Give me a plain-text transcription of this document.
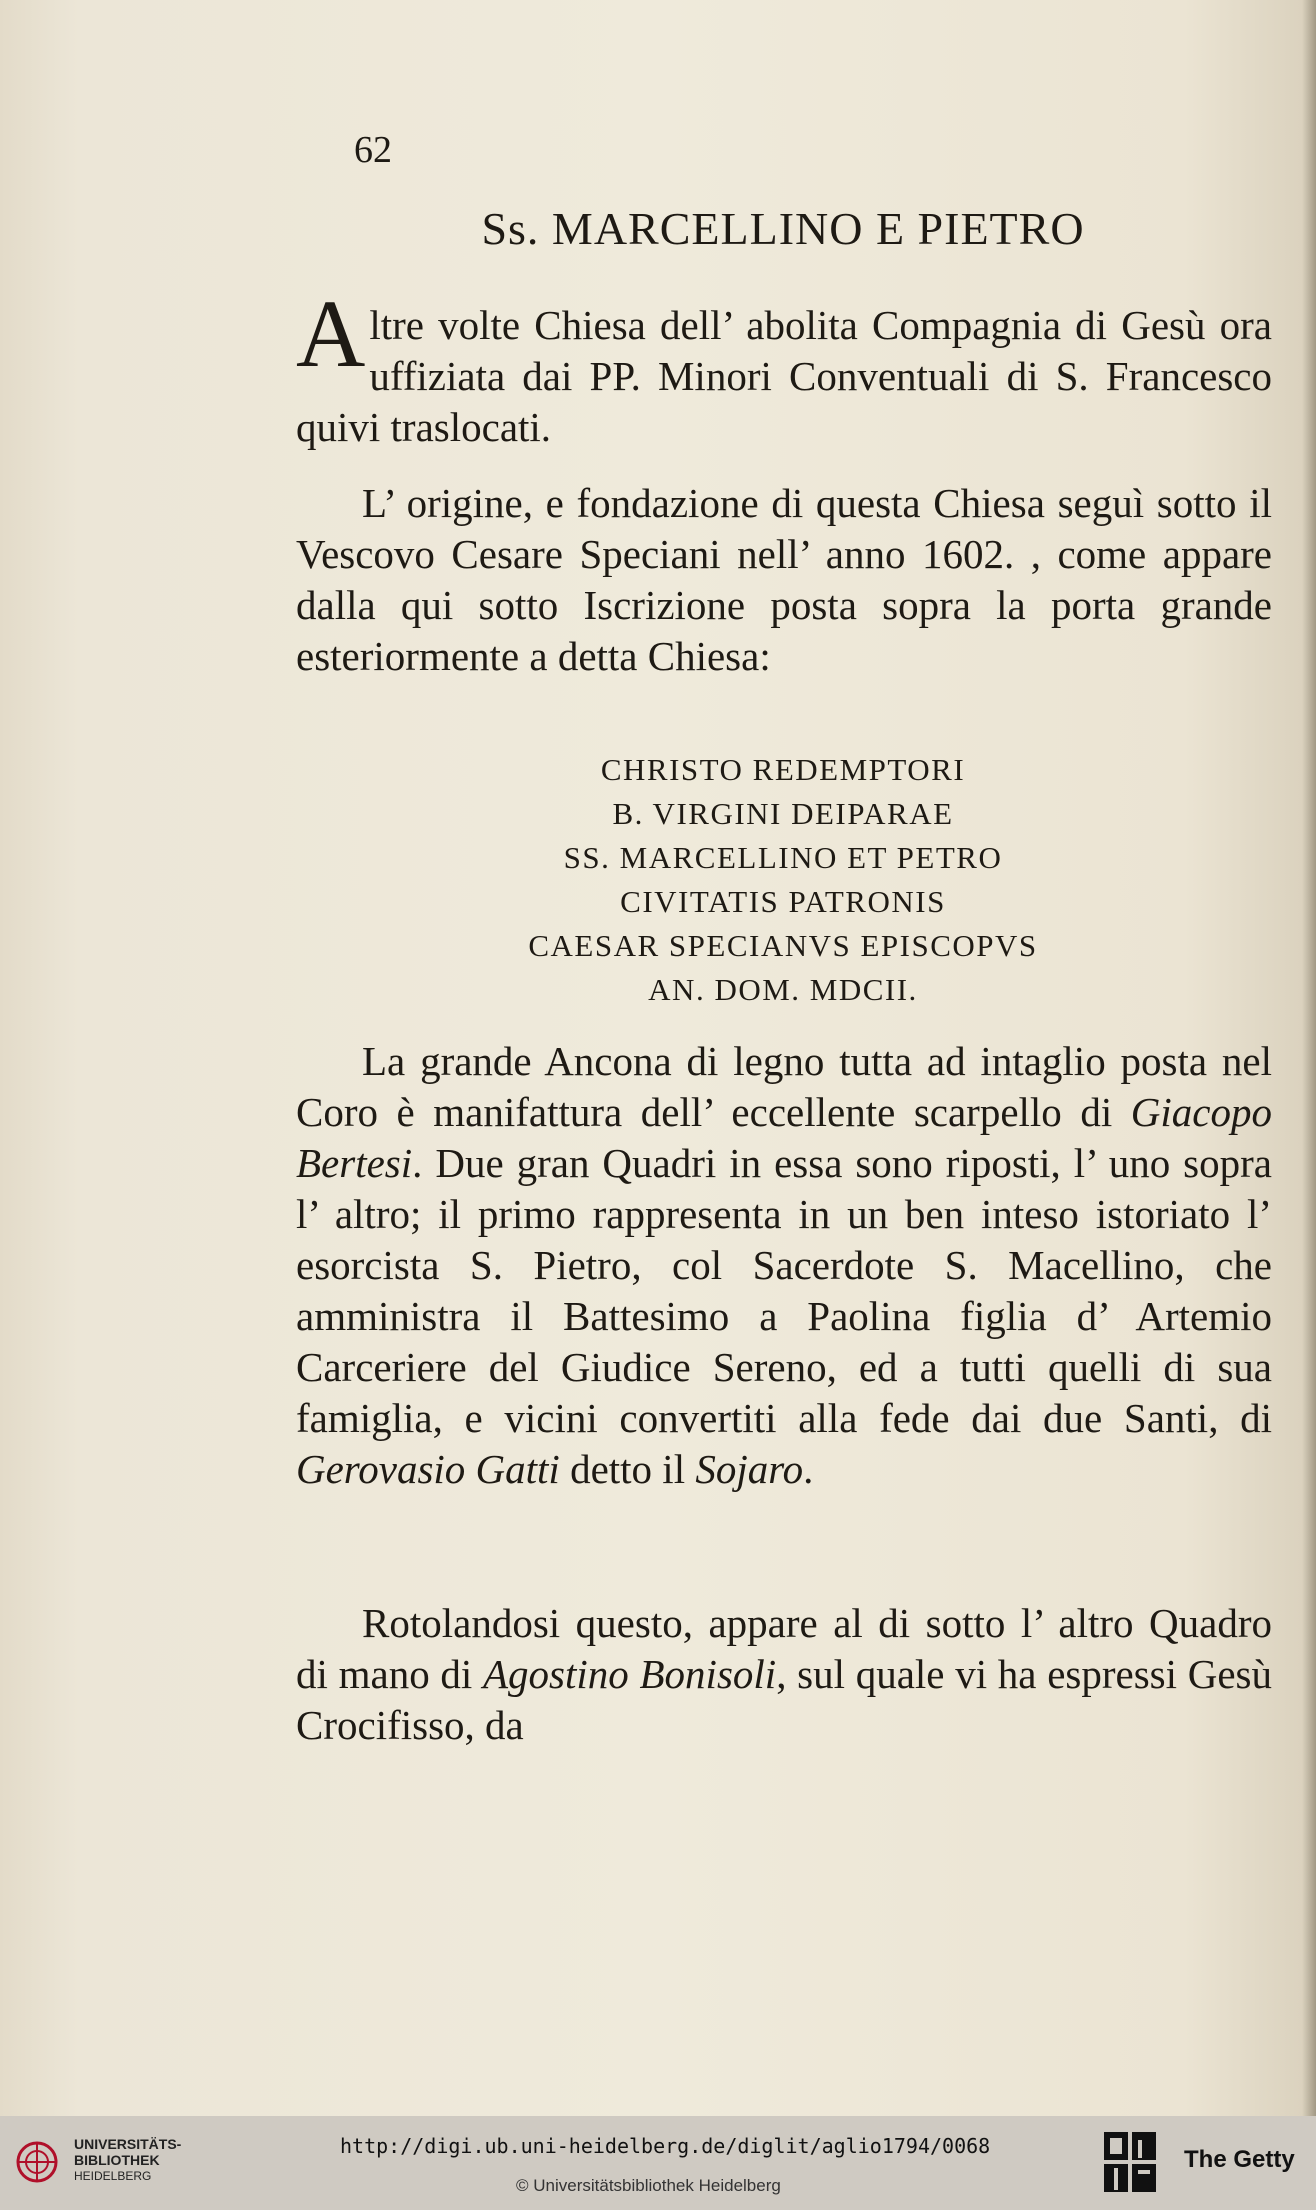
62
Ss. MARCELLINO E PIETRO

Altre volte Chiesa dell’ abolita Compagnia di Gesù ora uffiziata dai PP. Minori Conventuali di S. Francesco quivi traslocati.

L’ origine, e fondazione di questa Chiesa seguì sotto il Vescovo Cesare Speciani nell’ anno 1602. , come appare dalla qui sotto Iscrizione posta sopra la porta grande esteriormente a detta Chiesa:

CHRISTO REDEMPTORI
B. VIRGINI DEIPARAE
SS. MARCELLINO ET PETRO
CIVITATIS PATRONIS
CAESAR SPECIANVS EPISCOPVS
AN. DOM. MDCII.

La grande Ancona di legno tutta ad intaglio posta nel Coro è manifattura dell’ eccellente scarpello di Giacopo Bertesi. Due gran Quadri in essa sono riposti, l’ uno sopra l’ altro; il primo rappresenta in un ben inteso istoriato l’ esorcista S. Pietro, col Sacerdote S. Macellino, che amministra il Battesimo a Paolina figlia d’ Artemio Carceriere del Giudice Sereno, ed a tutti quelli di sua famiglia, e vicini convertiti alla fede dai due Santi, di Gerovasio Gatti detto il Sojaro.

Rotolandosi questo, appare al di sotto l’ altro Quadro di mano di Agostino Bonisoli, sul quale vi ha espressi Gesù Crocifisso, da

UNIVERSITÄTS-
BIBLIOTHEK
HEIDELBERG
http://digi.ub.uni-heidelberg.de/diglit/aglio1794/0068
© Universitätsbibliothek Heidelberg
The Getty
